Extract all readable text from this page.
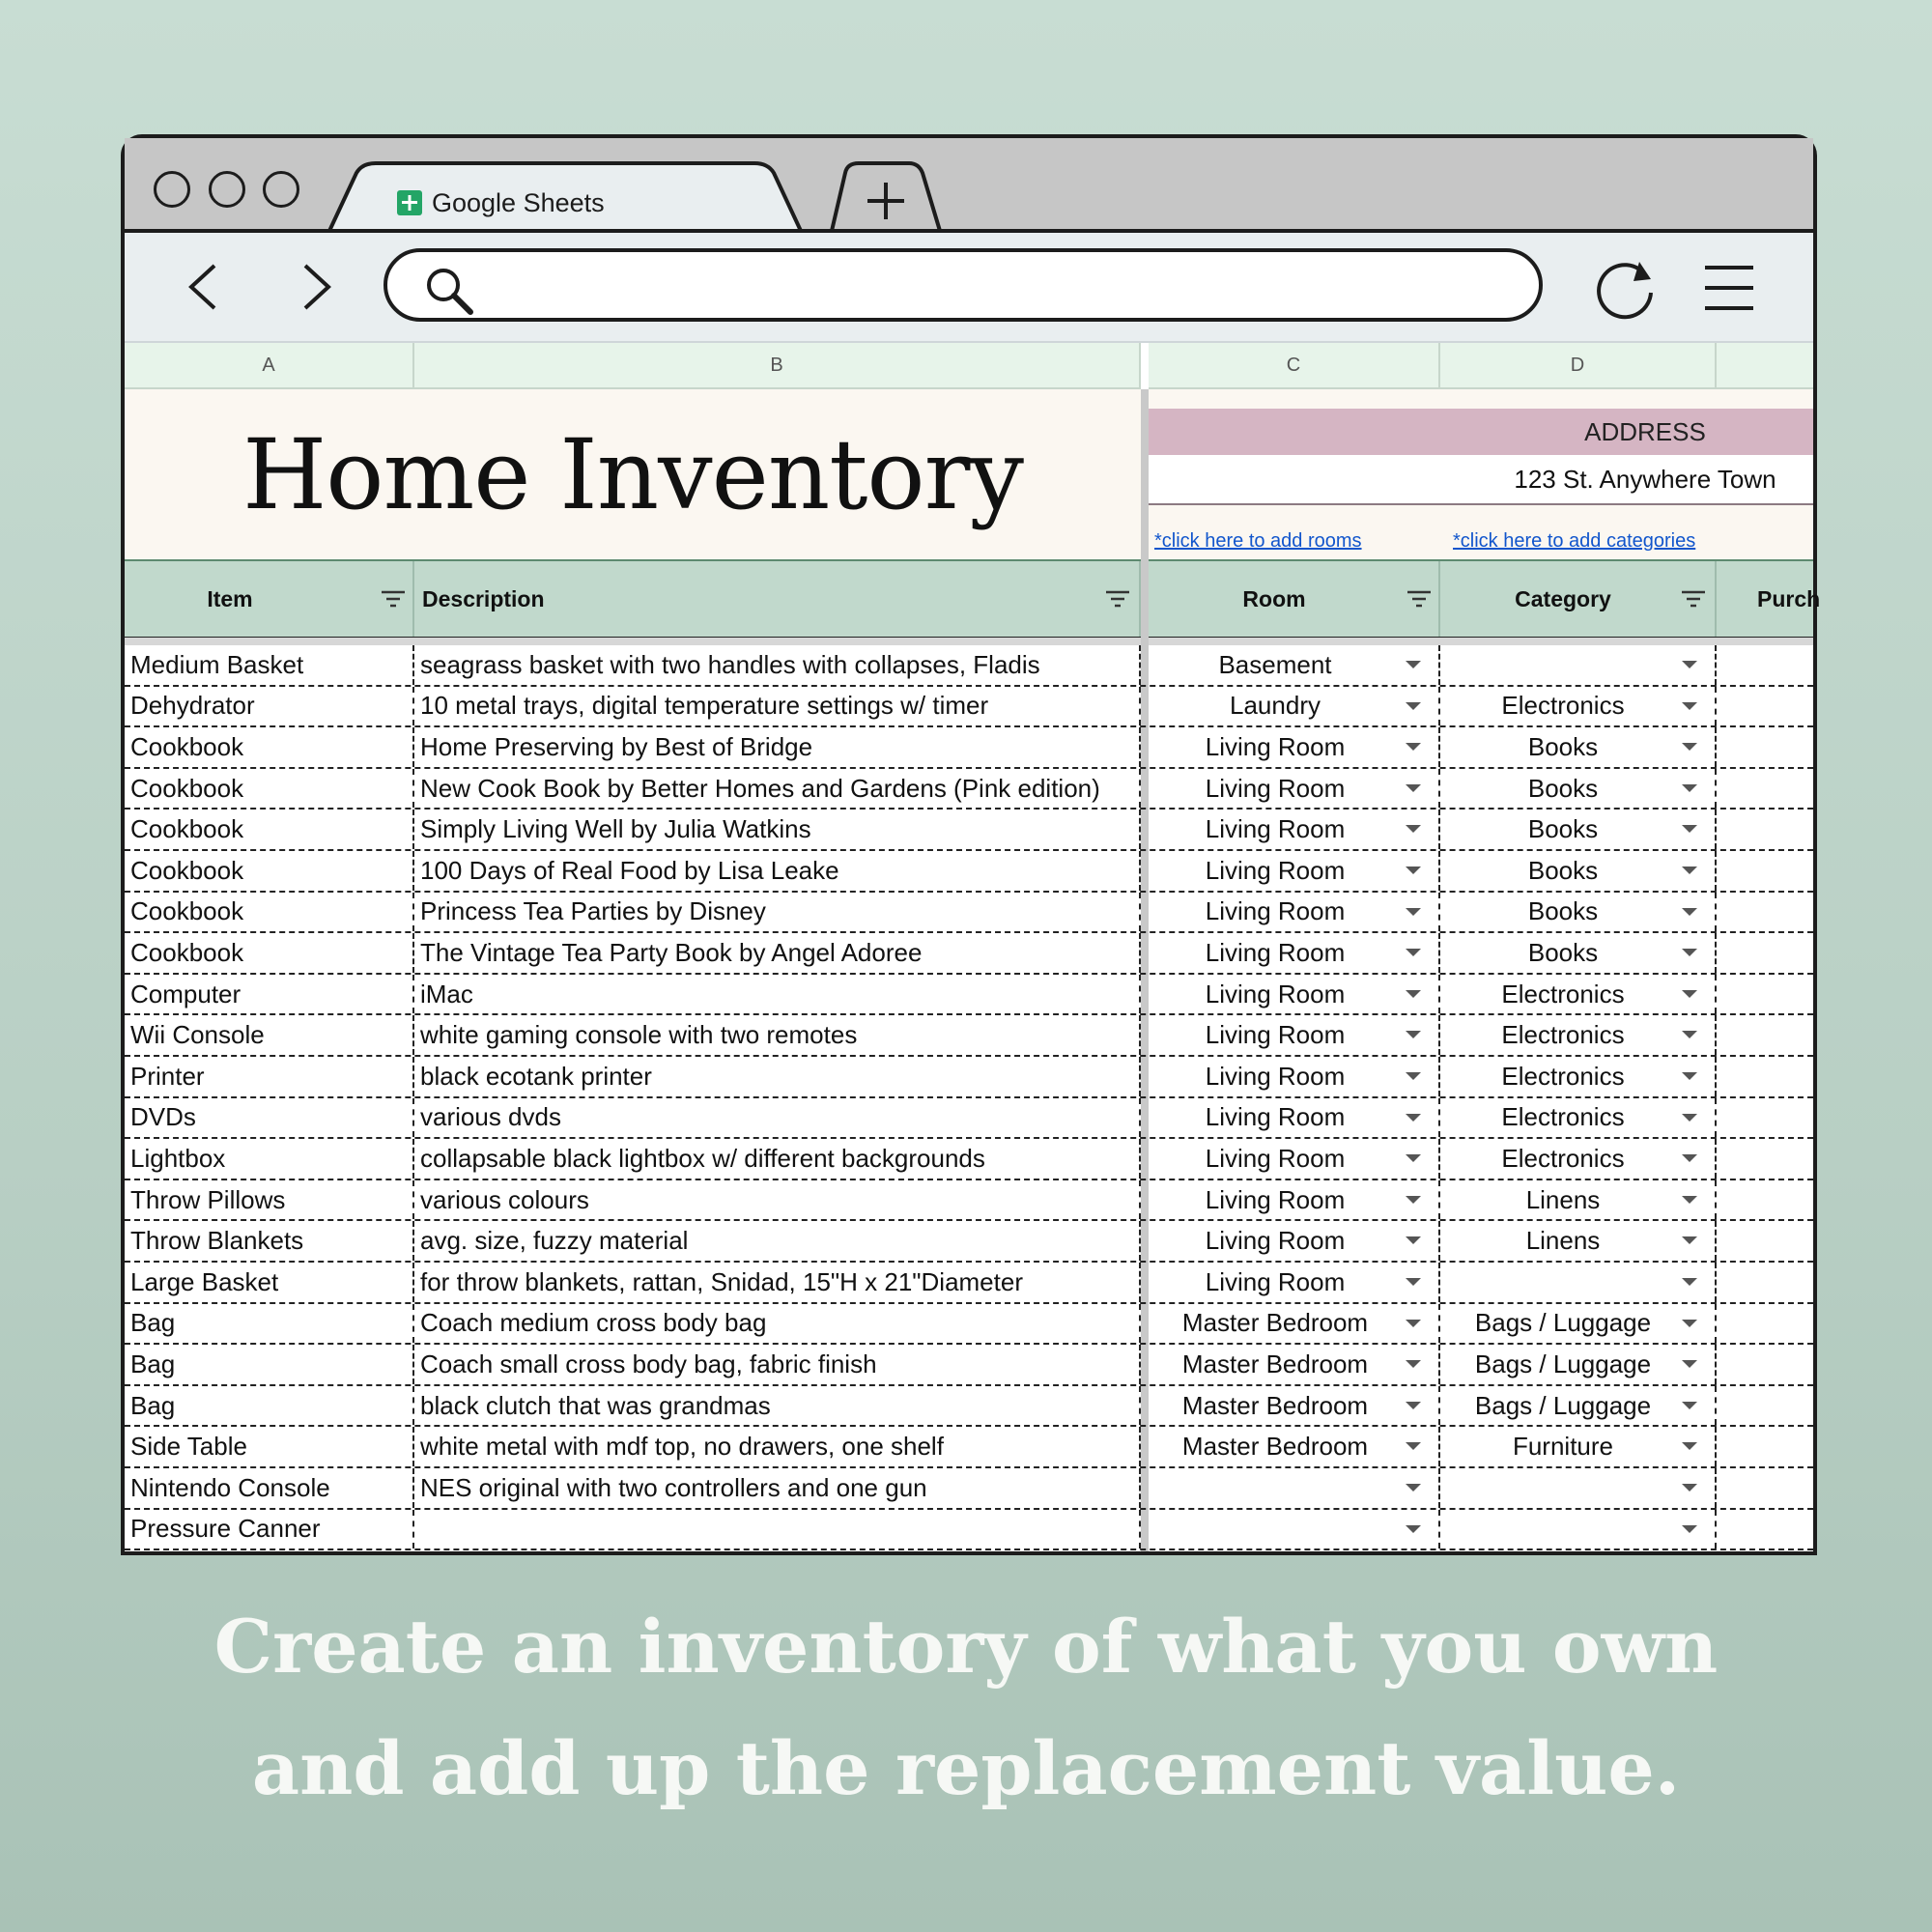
Google Sheets
A	B	C	D
Home Inventory	ADDRESS
123 St. Anywhere Town
*click here to add rooms	*click here to add categories
Item	Description	Room	Category	Purch
Medium Basket	seagrass basket with two handles with collapses, Fladis	Basement
Dehydrator	10 metal trays, digital temperature settings w/ timer	Laundry	Electronics
Cookbook	Home Preserving by Best of Bridge	Living Room	Books
Cookbook	New Cook Book by Better Homes and Gardens (Pink edition)	Living Room	Books
Cookbook	Simply Living Well by Julia Watkins	Living Room	Books
Cookbook	100 Days of Real Food by Lisa Leake	Living Room	Books
Cookbook	Princess Tea Parties by Disney	Living Room	Books
Cookbook	The Vintage Tea Party Book by Angel Adoree	Living Room	Books
Computer	iMac	Living Room	Electronics
Wii Console	white gaming console with two remotes	Living Room	Electronics
Printer	black ecotank printer	Living Room	Electronics
DVDs	various dvds	Living Room	Electronics
Lightbox	collapsable black lightbox w/ different backgrounds	Living Room	Electronics
Throw Pillows	various colours	Living Room	Linens
Throw Blankets	avg. size, fuzzy material	Living Room	Linens
Large Basket	for throw blankets, rattan, Snidad, 15"H x 21"Diameter	Living Room
Bag	Coach medium cross body bag	Master Bedroom	Bags / Luggage
Bag	Coach small cross body bag, fabric finish	Master Bedroom	Bags / Luggage
Bag	black clutch that was grandmas	Master Bedroom	Bags / Luggage
Side Table	white metal with mdf top, no drawers, one shelf	Master Bedroom	Furniture
Nintendo Console	NES original with two controllers and one gun
Pressure Canner
Create an inventory of what you own
and add up the replacement value.
